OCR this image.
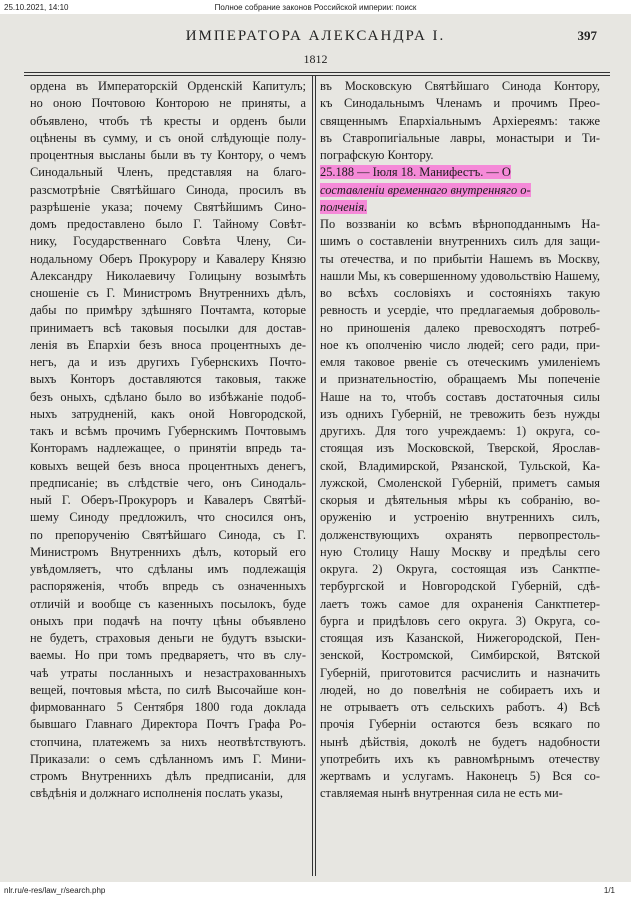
25.10.2021, 14:10	Полное собрание законов Российской империи: поиск
ИМПЕРАТОРА АЛЕКСАНДРА I.	397
1812
ордена въ Императорскій Орденскій Капитулъ;
но оною Почтовою Конторою не приняты, а
объявлено, чтобъ тѣ кресты и орденъ были
оцѣнены въ сумму, и съ оной слѣдующіе полу-
процентныя высланы были въ ту Контору, о чемъ
Синодальный Членъ, представляя на благо-
разсмотрѣніе Святѣйшаго Синода, просилъ въ
разрѣшеніе указа; почему Святѣйшимъ Сино-
домъ предоставлено было Г. Тайному Совѣт-
нику, Государственнаго Совѣта Члену, Си-
нодальному Оберъ Прокурору и Кавалеру Князю
Александру Николаевичу Голицыну возымѣть
сношеніе съ Г. Министромъ Внутреннихъ дѣлъ,
дабы по примѣру здѣшняго Почтамта, которые
принимаетъ всѣ таковыя посылки для достав-
ленія въ Епархіи безъ вноса процентныхъ де-
негъ, да и изъ другихъ Губернскихъ Почто-
выхъ Конторъ доставляются таковыя, также
безъ оныхъ, сдѣлано было во избѣжаніе подоб-
ныхъ затрудненій, какъ оной Новгородской,
такъ и всѣмъ прочимъ Губернскимъ Почтовымъ
Конторамъ надлежащее, о принятіи впредь та-
ковыхъ вещей безъ вноса процентныхъ денегъ,
предписаніе; въ слѣдствіе чего, онъ Синодаль-
ный Г. Оберъ-Прокуроръ и Кавалеръ Святѣй-
шему Синоду предложилъ, что сносился онъ,
по препорученію Святѣйшаго Синода, съ Г.
Министромъ Внутреннихъ дѣлъ, который его
увѣдомляетъ, что сдѣланы имъ подлежащія
распоряженія, чтобъ впредь съ означенныхъ
отличій и вообще съ казенныхъ посылокъ, буде
оныхъ при подачѣ на почту цѣны объявлено
не будетъ, страховыя деньги не будутъ взыски-
ваемы. Но при томъ предваряетъ, что въ слу-
чаѣ утраты посланныхъ и незастрахованныхъ
вещей, почтовыя мѣста, по силѣ Высочайше кон-
фирмованнаго 5 Сентября 1800 года доклада
бывшаго Главнаго Директора Почтъ Графа Ро-
стопчина, платежемъ за нихъ неотвѣтствуютъ.
Приказали: о семъ сдѣланномъ имъ Г. Мини-
стромъ Внутреннихъ дѣлъ предписаніи, для
свѣдѣнія и должнаго исполненія послать указы,
въ Московскую Святѣйшаго Синода Контору,
къ Синодальнымъ Членамъ и прочимъ Прео-
священнымъ Епархіальнымъ Архіереямъ: также
въ Ставропигіальные лавры, монастыри и Ти-
пографскую Контору.
25.188 — Іюля 18. Манифестъ. — О
составленіи временнаго внутренняго о-
полченія.
По воззваніи ко всѣмъ вѣрноподданнымъ На-
шимъ о составленіи внутреннихъ силъ для защи-
ты отечества, и по прибытіи Нашемъ въ Москву,
нашли Мы, къ совершенному удовольствію Нашему,
во всѣхъ сословіяхъ и состояніяхъ такую
ревность и усердіе, что предлагаемыя доброволь-
но приношенія далеко превосходятъ потреб-
ное къ ополченію число людей; сего ради, при-
емля таковое рвеніе съ отеческимъ умиленіемъ
и признательностію, обращаемъ Мы попеченіе
Наше на то, чтобъ составъ достаточныя силы
изъ однихъ Губерній, не тревожить безъ нужды
другихъ. Для того учреждаемъ: 1) округа, со-
стоящая изъ Московской, Тверской, Ярослав-
ской, Владимирской, Рязанской, Тульской, Ка-
лужской, Смоленской Губерній, приметъ самыя
скорыя и дѣятельныя мѣры къ собранію, во-
оруженію и устроенію внутреннихъ силъ,
долженствующихъ охранять первопрестоль-
ную Столицу Нашу Москву и предѣлы сего
округа. 2) Округа, состоящая изъ Санктпе-
тербургской и Новгородской Губерній, сдѣ-
лаетъ тожъ самое для охраненія Санктпетер-
бурга и придѣловъ сего округа. 3) Округа, со-
стоящая изъ Казанской, Нижегородской, Пен-
зенской, Костромской, Симбирской, Вятской
Губерній, приготовится расчислить и назначить
людей, но до повелѣнія не собираетъ ихъ и
не отрываетъ отъ сельскихъ работъ. 4) Всѣ
прочія Губерніи остаются безъ всякаго по
нынѣ дѣйствія, доколѣ не будетъ надобности
употребить ихъ къ равномѣрнымъ отечеству
жертвамъ и услугамъ. Наконецъ 5) Вся со-
ставляемая нынѣ внутренная сила не есть ми-
nlr.ru/e-res/law_r/search.php	1/1
